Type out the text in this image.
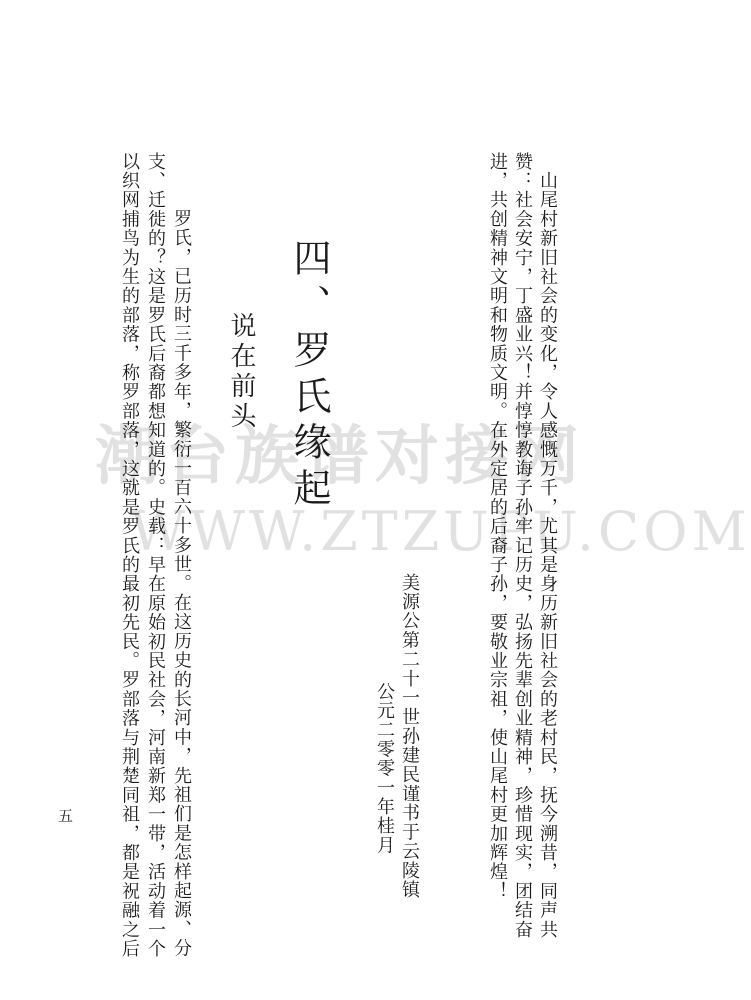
潮台族谱对接网
WWW.ZTZUPU.COM
　山尾村新旧社会的变化，令人感慨万千，尤其是身历新旧社会的老村民，抚今溯昔，同声共
赞：社会安宁，丁盛业兴！并惇惇教诲子孙牢记历史，弘扬先辈创业精神，珍惜现实，团结奋
进，共创精神文明和物质文明。在外定居的后裔子孙，要敬业宗祖，使山尾村更加辉煌！
美源公第二十一世孙建民谨书于云陵镇
公元二零零一年桂月
四、罗氏缘起
说在前头
　罗氏，已历时三千多年，繁衍一百六十多世。在这历史的长河中，先祖们是怎样起源、分
支、迁徙的？这是罗氏后裔都想知道的。史载：早在原始初民社会，河南新郑一带，活动着一个
以织网捕鸟为生的部落，称罗部落，这就是罗氏的最初先民。罗部落与荆楚同祖，都是祝融之后
五
